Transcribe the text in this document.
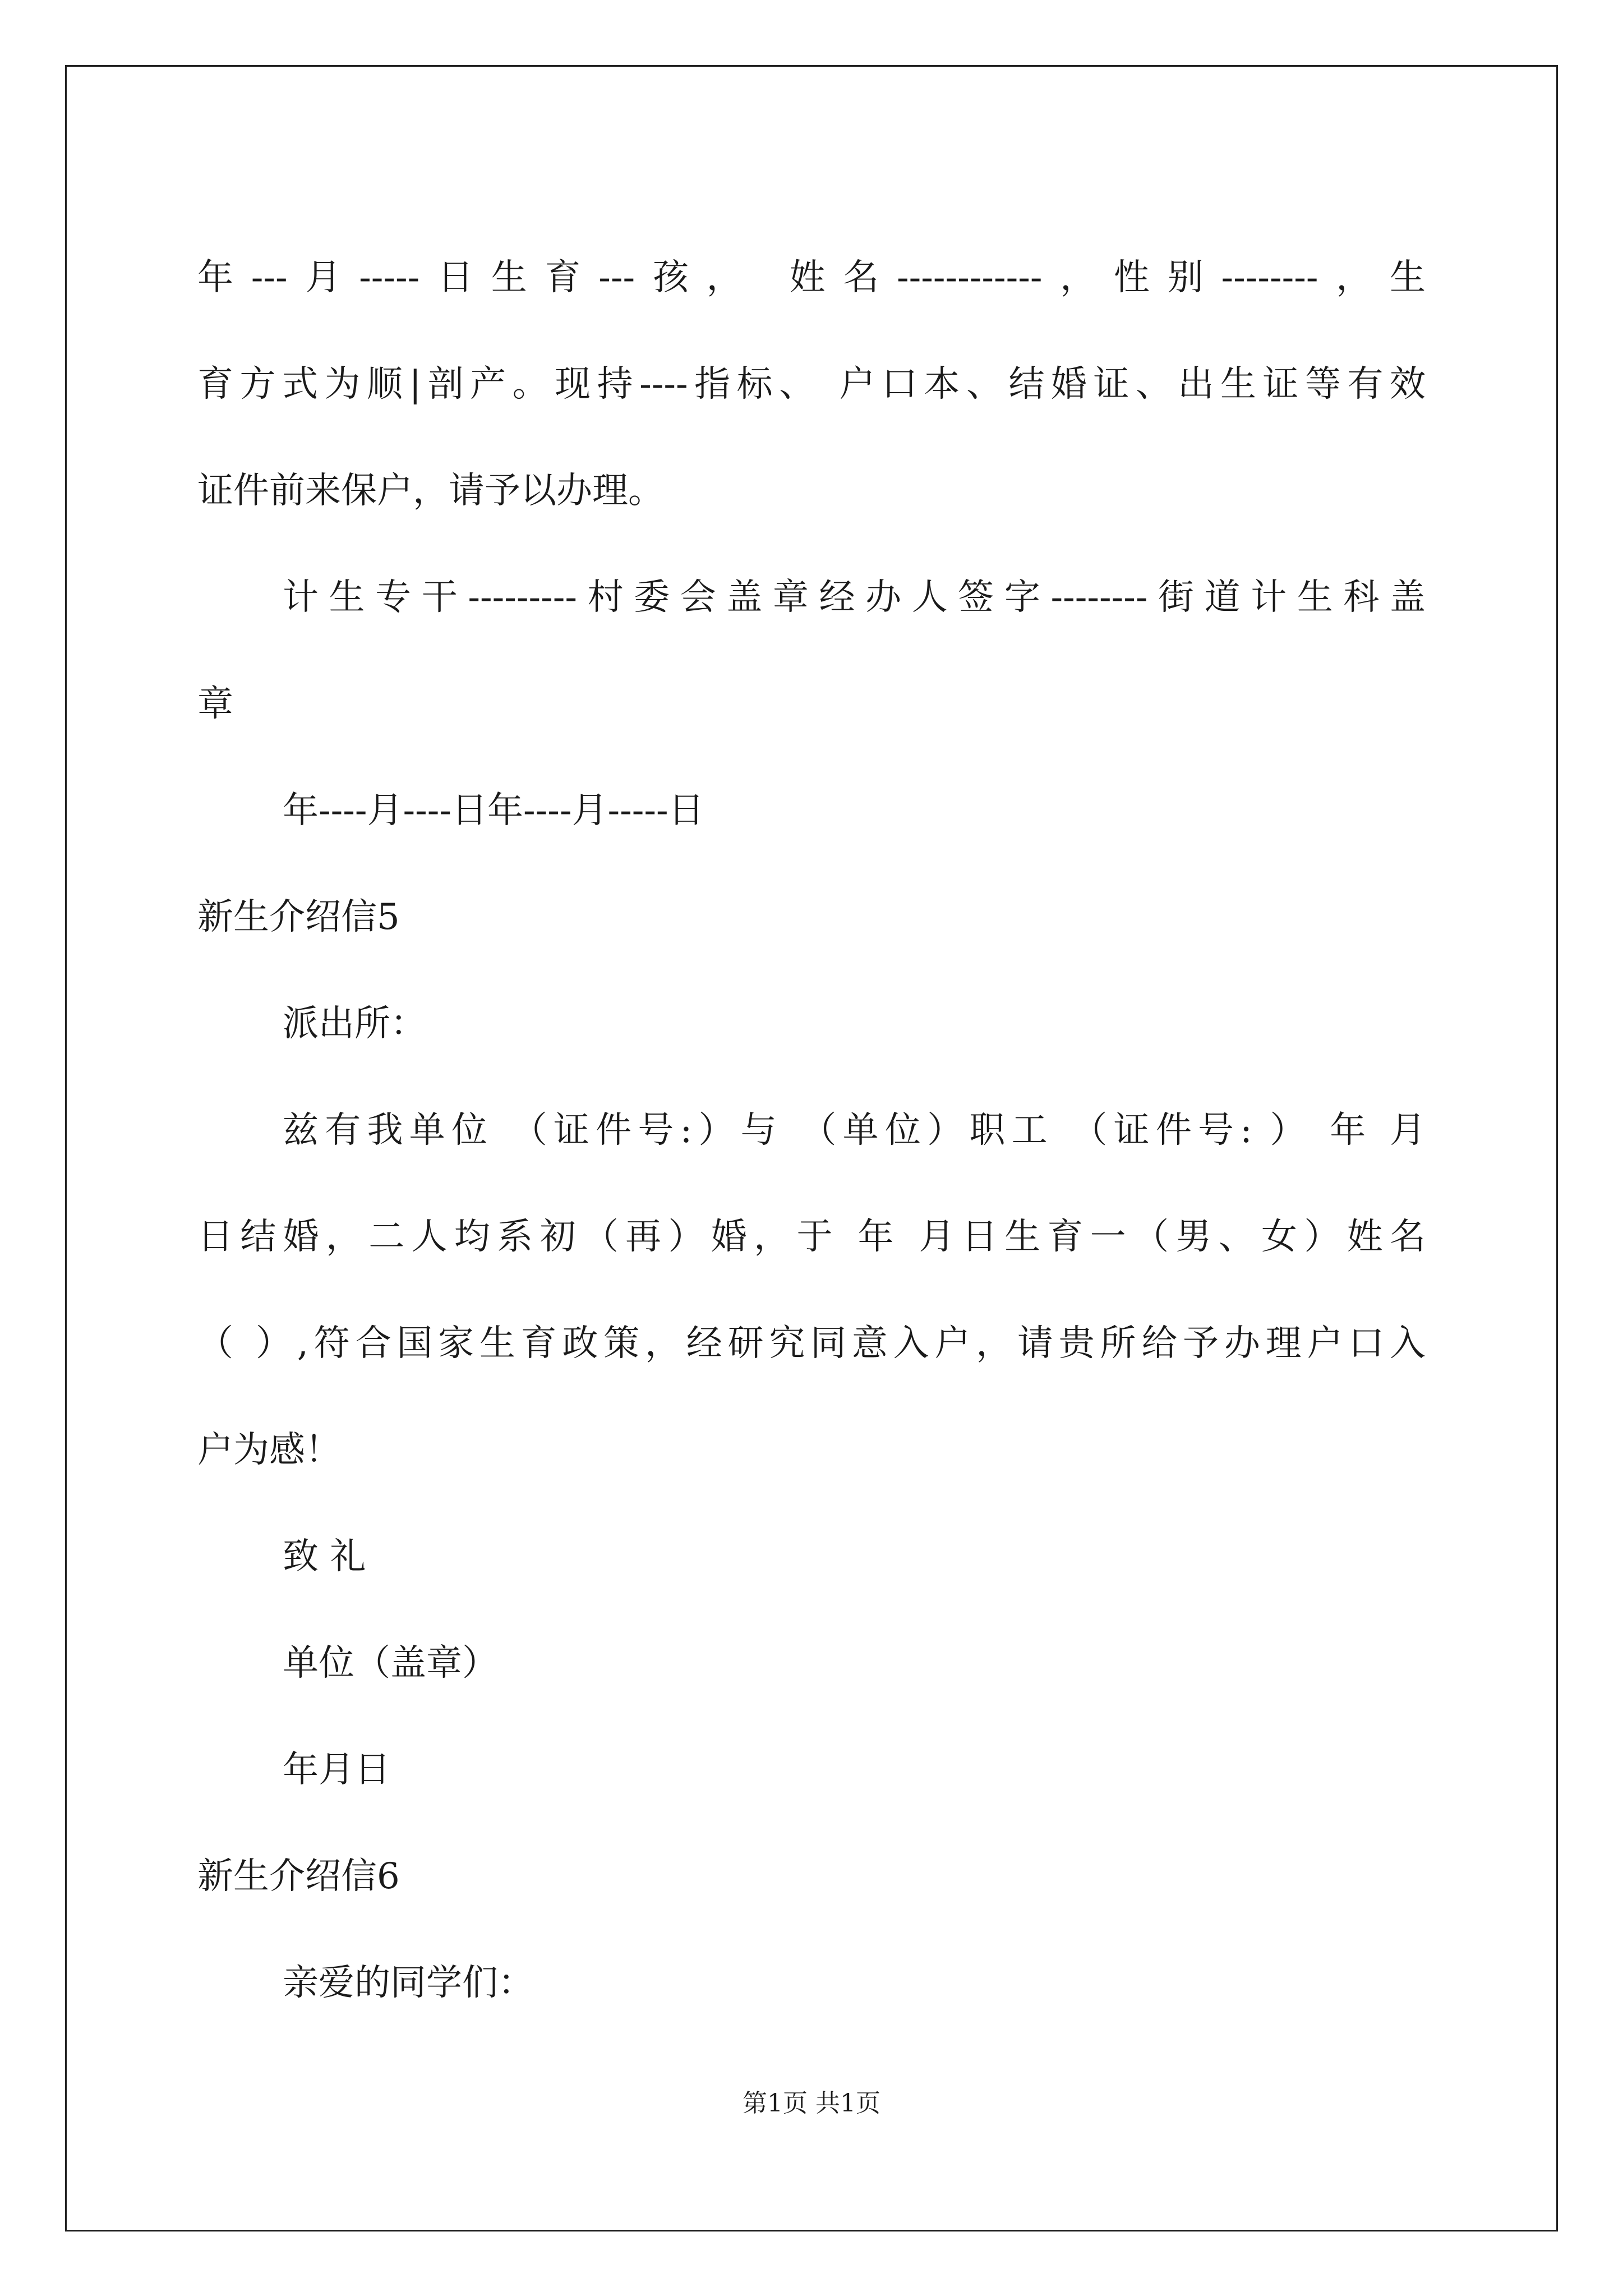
年---月-----日生育---孩， 姓名------------，性别--------，生
育方式为顺|剖产。现持----指标、 户口本、结婚证、出生证等有效
证件前来保户，请予以办理。
计生专干---------村委会盖章经办人签字--------街道计生科盖
章
年----月----日年----月-----日
新生介绍信5
派出所：
兹有我单位 （证件号:）与 （单位）职工 （证件号: ） 年 月
日结婚，二人均系初（再）婚，于 年 月日生育一（男、女）姓名
（ ）,符合国家生育政策，经研究同意入户，请贵所给予办理户口入
户为感！
致 礼
单位（盖章）
年月日
新生介绍信6
亲爱的同学们：
第1页 共1页
